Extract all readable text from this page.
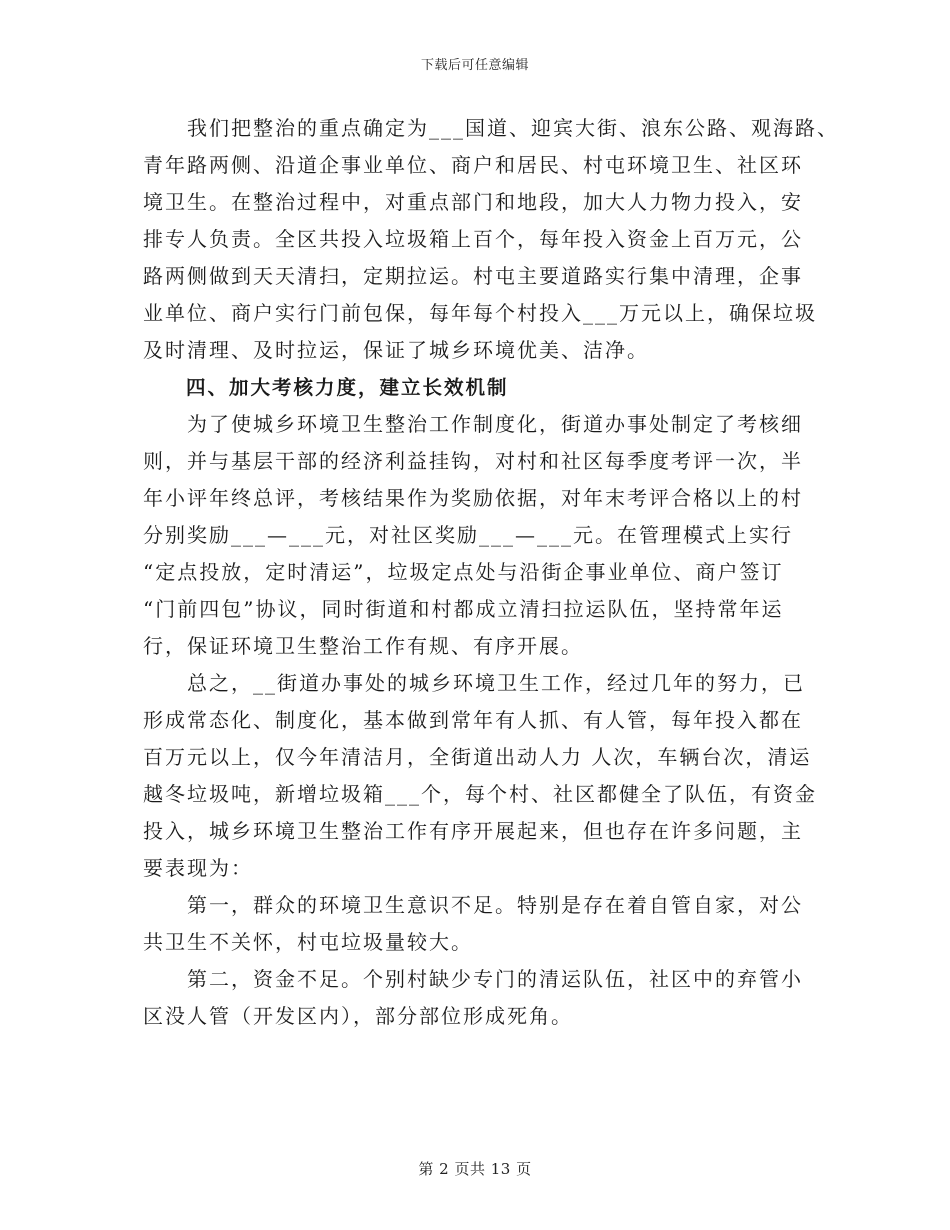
下载后可任意编辑
　　我们把整治的重点确定为___国道、迎宾大街、浪东公路、观海路、
青年路两侧、沿道企事业单位、商户和居民、村屯环境卫生、社区环
境卫生。在整治过程中，对重点部门和地段，加大人力物力投入，安
排专人负责。全区共投入垃圾箱上百个，每年投入资金上百万元，公
路两侧做到天天清扫，定期拉运。村屯主要道路实行集中清理，企事
业单位、商户实行门前包保，每年每个村投入___万元以上，确保垃圾
及时清理、及时拉运，保证了城乡环境优美、洁净。
　　四、加大考核力度，建立长效机制
　　为了使城乡环境卫生整治工作制度化，街道办事处制定了考核细
则，并与基层干部的经济利益挂钩，对村和社区每季度考评一次，半
年小评年终总评，考核结果作为奖励依据，对年末考评合格以上的村
分别奖励___—___元，对社区奖励___—___元。在管理模式上实行
“定点投放，定时清运”，垃圾定点处与沿街企事业单位、商户签订
“门前四包”协议，同时街道和村都成立清扫拉运队伍，坚持常年运
行，保证环境卫生整治工作有规、有序开展。
　　总之，__街道办事处的城乡环境卫生工作，经过几年的努力，已
形成常态化、制度化，基本做到常年有人抓、有人管，每年投入都在
百万元以上，仅今年清洁月，全街道出动人力 人次，车辆台次，清运
越冬垃圾吨，新增垃圾箱___个，每个村、社区都健全了队伍，有资金
投入，城乡环境卫生整治工作有序开展起来，但也存在许多问题，主
要表现为：
　　第一，群众的环境卫生意识不足。特别是存在着自管自家，对公
共卫生不关怀，村屯垃圾量较大。
　　第二，资金不足。个别村缺少专门的清运队伍，社区中的弃管小
区没人管（开发区内），部分部位形成死角。
第 2 页共 13 页
